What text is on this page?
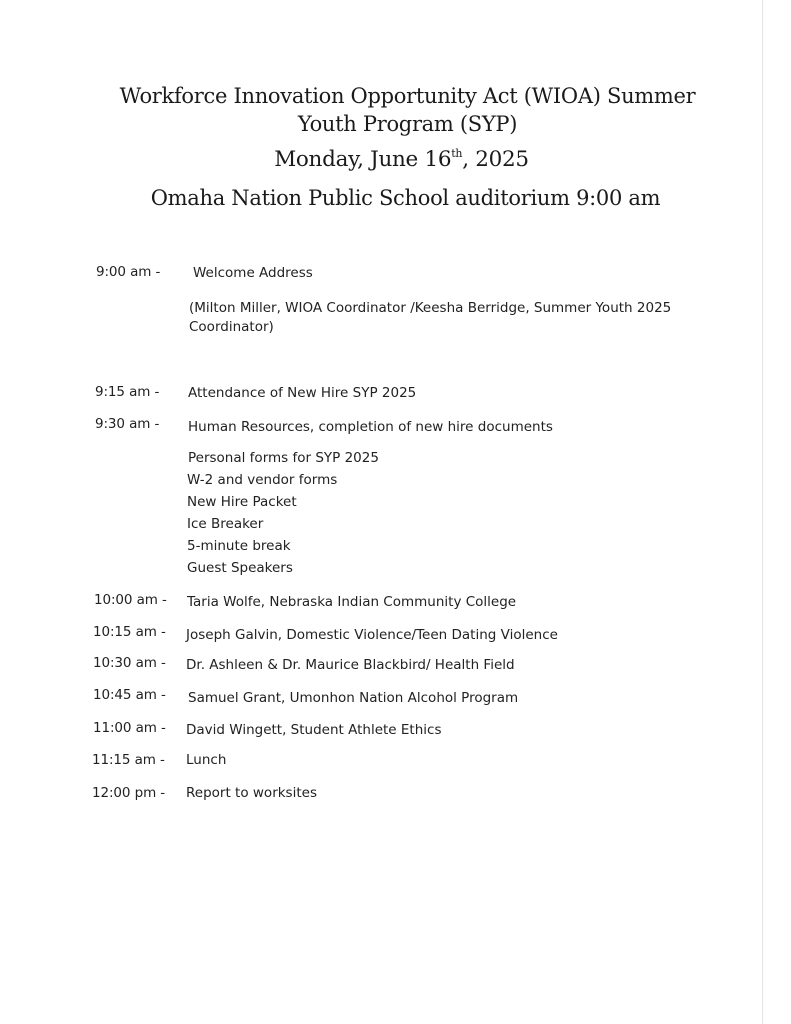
Workforce Innovation Opportunity Act (WIOA) Summer
Youth Program (SYP)
Monday, June 16th, 2025
Omaha Nation Public School auditorium 9:00 am
9:00 am - Welcome Address
(Milton Miller, WIOA Coordinator /Keesha Berridge, Summer Youth 2025
Coordinator)
9:15 am - Attendance of New Hire SYP 2025
9:30 am - Human Resources, completion of new hire documents
Personal forms for SYP 2025
W-2 and vendor forms
New Hire Packet
Ice Breaker
5-minute break
Guest Speakers
10:00 am - Taria Wolfe, Nebraska Indian Community College
10:15 am - Joseph Galvin, Domestic Violence/Teen Dating Violence
10:30 am - Dr. Ashleen & Dr. Maurice Blackbird/ Health Field
10:45 am - Samuel Grant, Umonhon Nation Alcohol Program
11:00 am - David Wingett, Student Athlete Ethics
11:15 am - Lunch
12:00 pm - Report to worksites
